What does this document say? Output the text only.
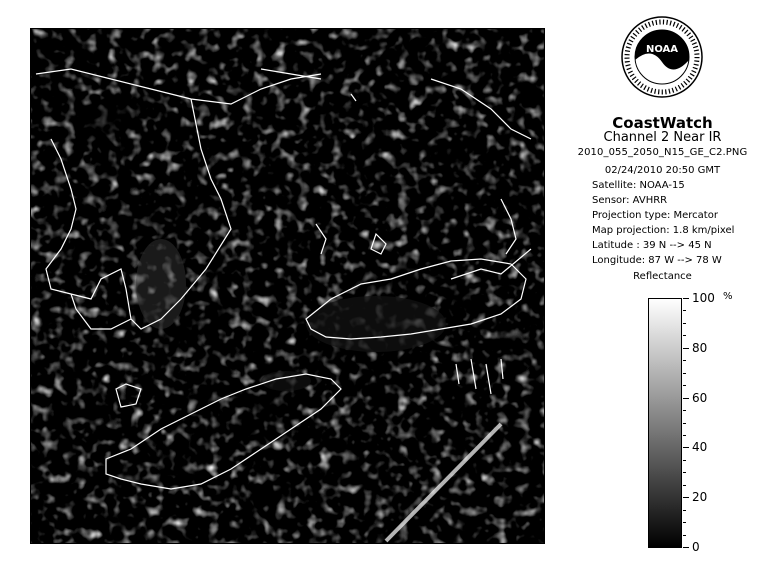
NOAA
CoastWatch
Channel 2 Near IR
2010_055_2050_N15_GE_C2.PNG
02/24/2010 20:50 GMT
Satellite: NOAA-15
Sensor: AVHRR
Projection type: Mercator
Map projection: 1.8 km/pixel
Latitude : 39 N --> 45 N
Longitude: 87 W --> 78 W
Reflectance
%
100
80
60
40
20
0
